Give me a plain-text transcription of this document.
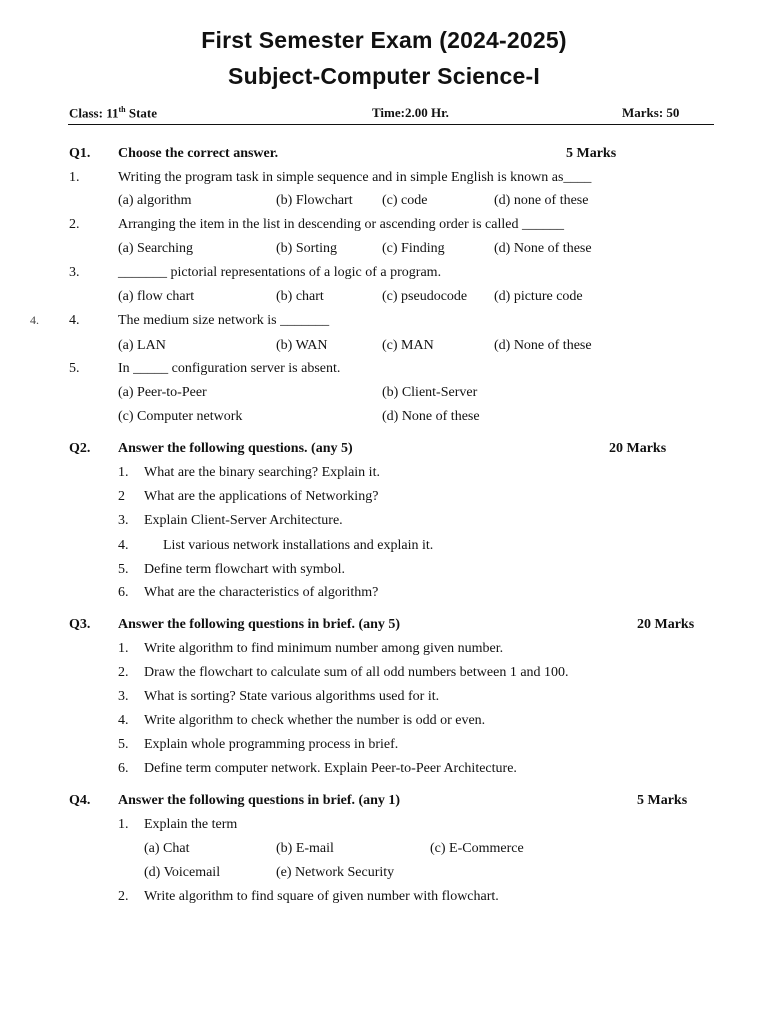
First Semester Exam (2024-2025)
Subject-Computer Science-I
Class: 11th State	Time:2.00 Hr.	Marks: 50
4.
Q1. Choose the correct answer.	5 Marks
1.	Writing the program task in simple sequence and in simple English is known as____
(a) algorithm	(b) Flowchart (c) code	(d) none of these
2.	Arranging the item in the list in descending or ascending order is called ______
(a) Searching	(b) Sorting	(c) Finding	(d) None of these
3.	_______ pictorial representations of a logic of a program.
(a) flow chart	(b) chart	(c) pseudocode (d) picture code
4.	The medium size network is _______
(a) LAN	(b) WAN	(c) MAN	(d) None of these
5.	In _____ configuration server is absent.
(a) Peer-to-Peer	(b) Client-Server
(c) Computer network	(d) None of these
Q2. Answer the following questions. (any 5)	20 Marks
1. What are the binary searching? Explain it.
2 What are the applications of Networking?
3. Explain Client-Server Architecture.
4. List various network installations and explain it.
5. Define term flowchart with symbol.
6. What are the characteristics of algorithm?
Q3. Answer the following questions in brief. (any 5)	20 Marks
1. Write algorithm to find minimum number among given number.
2. Draw the flowchart to calculate sum of all odd numbers between 1 and 100.
3. What is sorting? State various algorithms used for it.
4. Write algorithm to check whether the number is odd or even.
5. Explain whole programming process in brief.
6. Define term computer network. Explain Peer-to-Peer Architecture.
Q4. Answer the following questions in brief. (any 1)	5 Marks
1. Explain the term
(a) Chat	(b) E-mail	(c) E-Commerce
(d) Voicemail	(e) Network Security
2. Write algorithm to find square of given number with flowchart.
